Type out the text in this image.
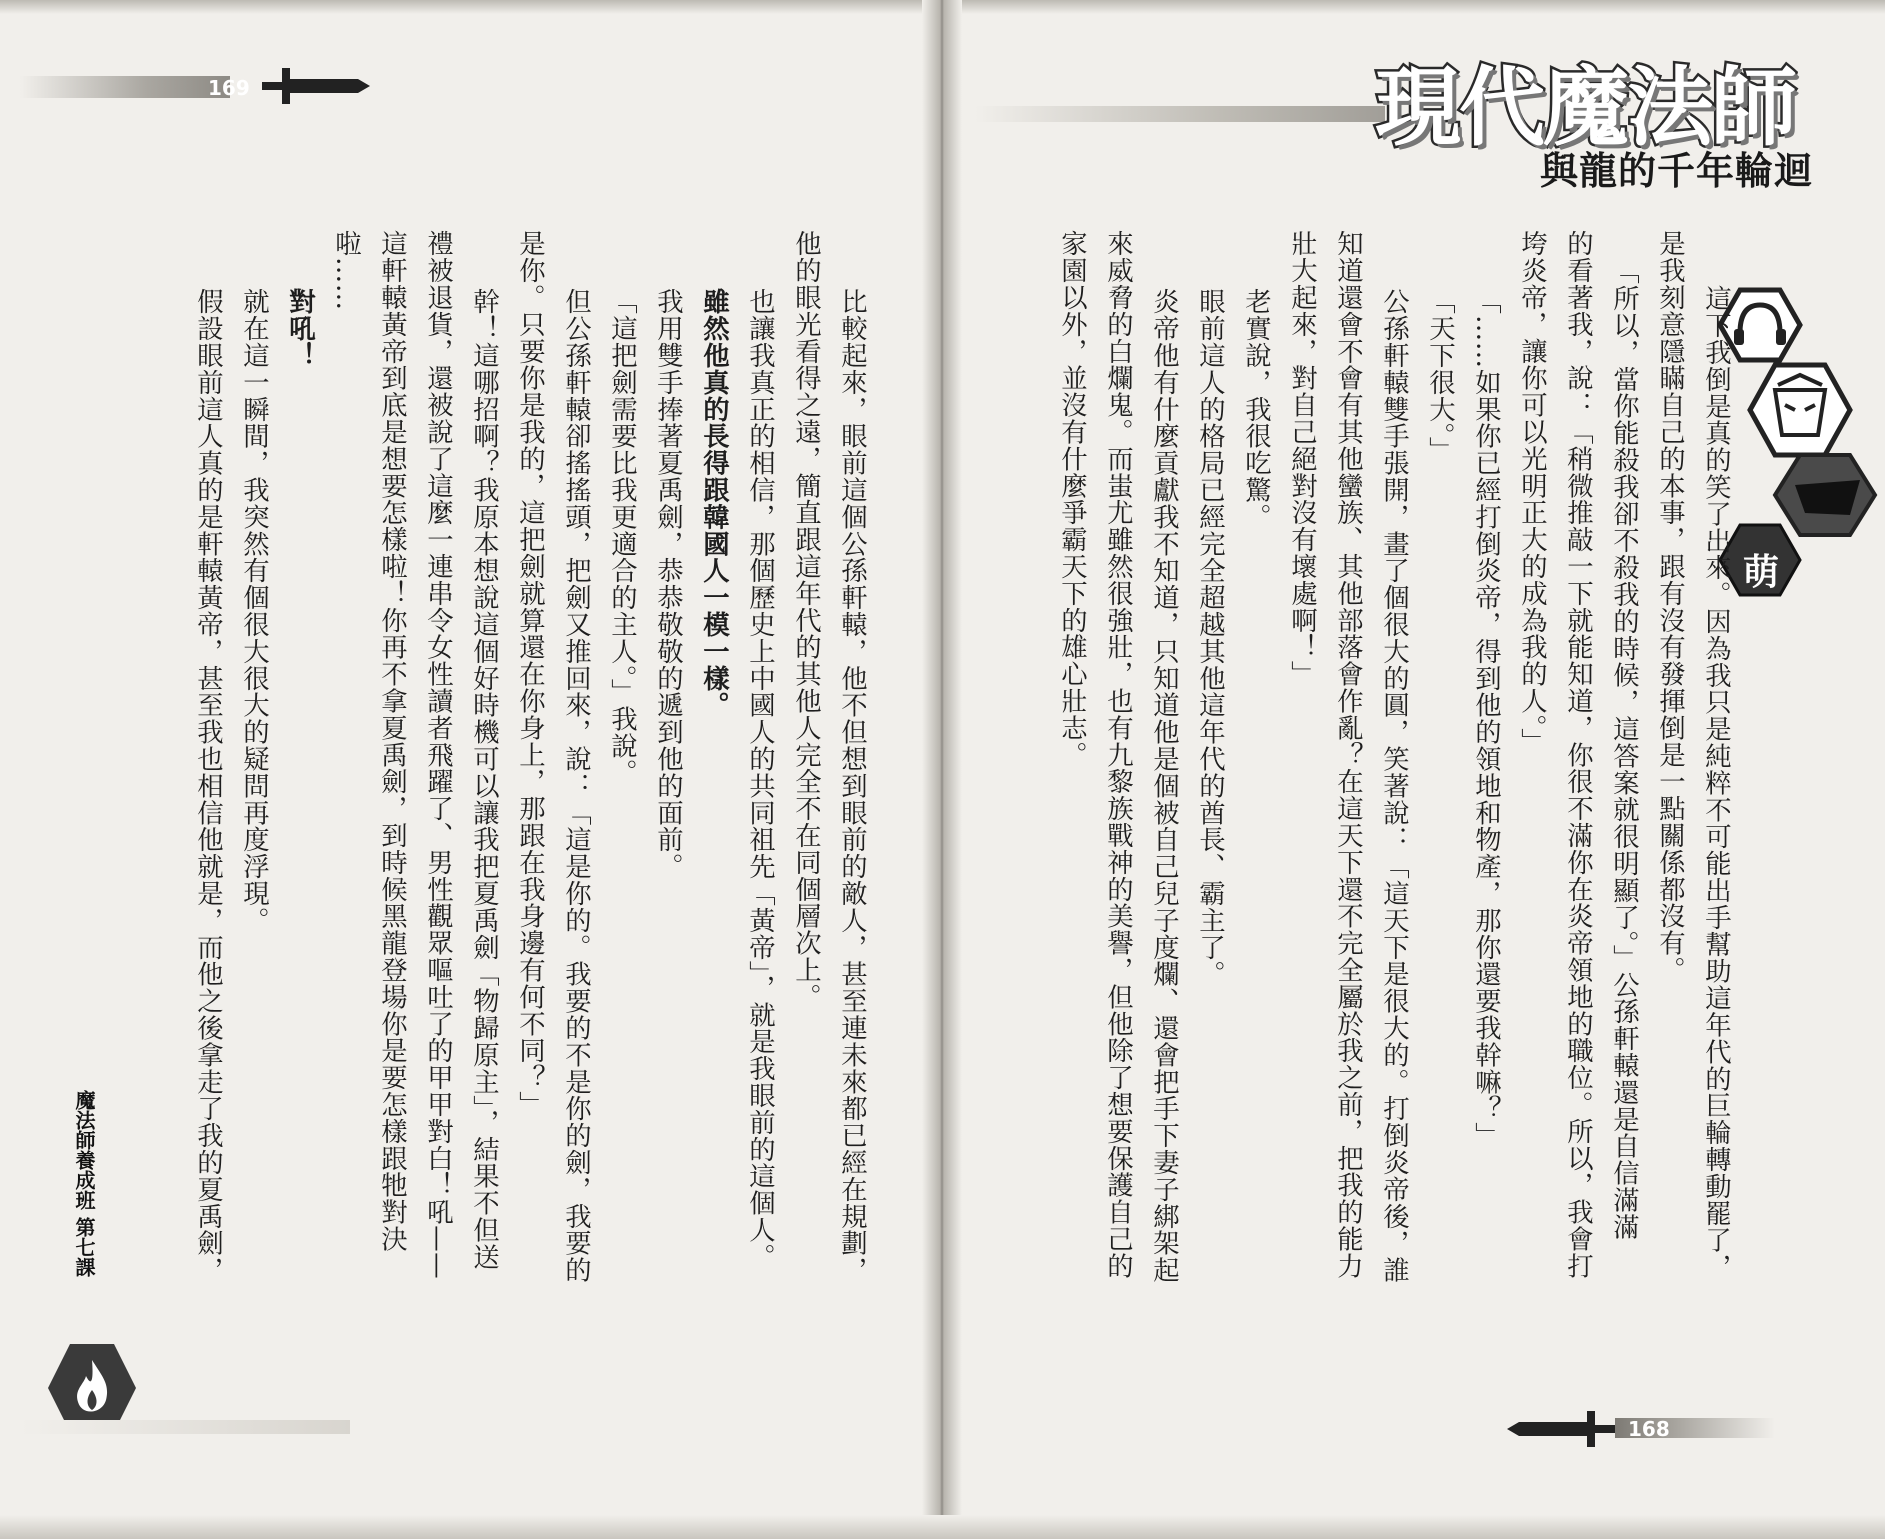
169	現代魔法師
與龍的千年輪迴
萌
168
魔法師養成班 第七課	這下我倒是真的笑了出來。因為我只是純粹不可能出手幫助這年代的巨輪轉動罷了，
是我刻意隱瞞自己的本事，跟有沒有發揮倒是一點關係都沒有。
「所以，當你能殺我卻不殺我的時候，這答案就很明顯了。」公孫軒轅還是自信滿滿
的看著我，說：「稍微推敲一下就能知道，你很不滿你在炎帝領地的職位。所以，我會打
垮炎帝，讓你可以光明正大的成為我的人。」
「……如果你已經打倒炎帝，得到他的領地和物產，那你還要我幹嘛？」
「天下很大。」
公孫軒轅雙手張開，畫了個很大的圓，笑著說：「這天下是很大的。打倒炎帝後，誰
知道還會不會有其他蠻族、其他部落會作亂？在這天下還不完全屬於我之前，把我的能力
壯大起來，對自己絕對沒有壞處啊！」
老實說，我很吃驚。
眼前這人的格局已經完全超越其他這年代的酋長、霸主了。
炎帝他有什麼貢獻我不知道，只知道他是個被自己兒子度爛、還會把手下妻子綁架起
來威脅的白爛鬼。而蚩尤雖然很強壯，也有九黎族戰神的美譽，但他除了想要保護自己的
家園以外，並沒有什麼爭霸天下的雄心壯志。
比較起來，眼前這個公孫軒轅，他不但想到眼前的敵人，甚至連未來都已經在規劃，
他的眼光看得之遠，簡直跟這年代的其他人完全不在同個層次上。
也讓我真正的相信，那個歷史上中國人的共同祖先「黃帝」，就是我眼前的這個人。
雖然他真的長得跟韓國人一模一樣。
我用雙手捧著夏禹劍，恭恭敬敬的遞到他的面前。
「這把劍需要比我更適合的主人。」我說。
但公孫軒轅卻搖搖頭，把劍又推回來，說：「這是你的。我要的不是你的劍，我要的
是你。只要你是我的，這把劍就算還在你身上，那跟在我身邊有何不同？」
幹！這哪招啊？我原本想說這個好時機可以讓我把夏禹劍「物歸原主」，結果不但送
禮被退貨，還被說了這麼一連串令女性讀者飛躍了、男性觀眾嘔吐了的甲甲對白！吼——
這軒轅黃帝到底是想要怎樣啦！你再不拿夏禹劍，到時候黑龍登場你是要怎樣跟牠對決
啦……
對吼！
就在這一瞬間，我突然有個很大很大的疑問再度浮現。
假設眼前這人真的是軒轅黃帝，甚至我也相信他就是，而他之後拿走了我的夏禹劍，
